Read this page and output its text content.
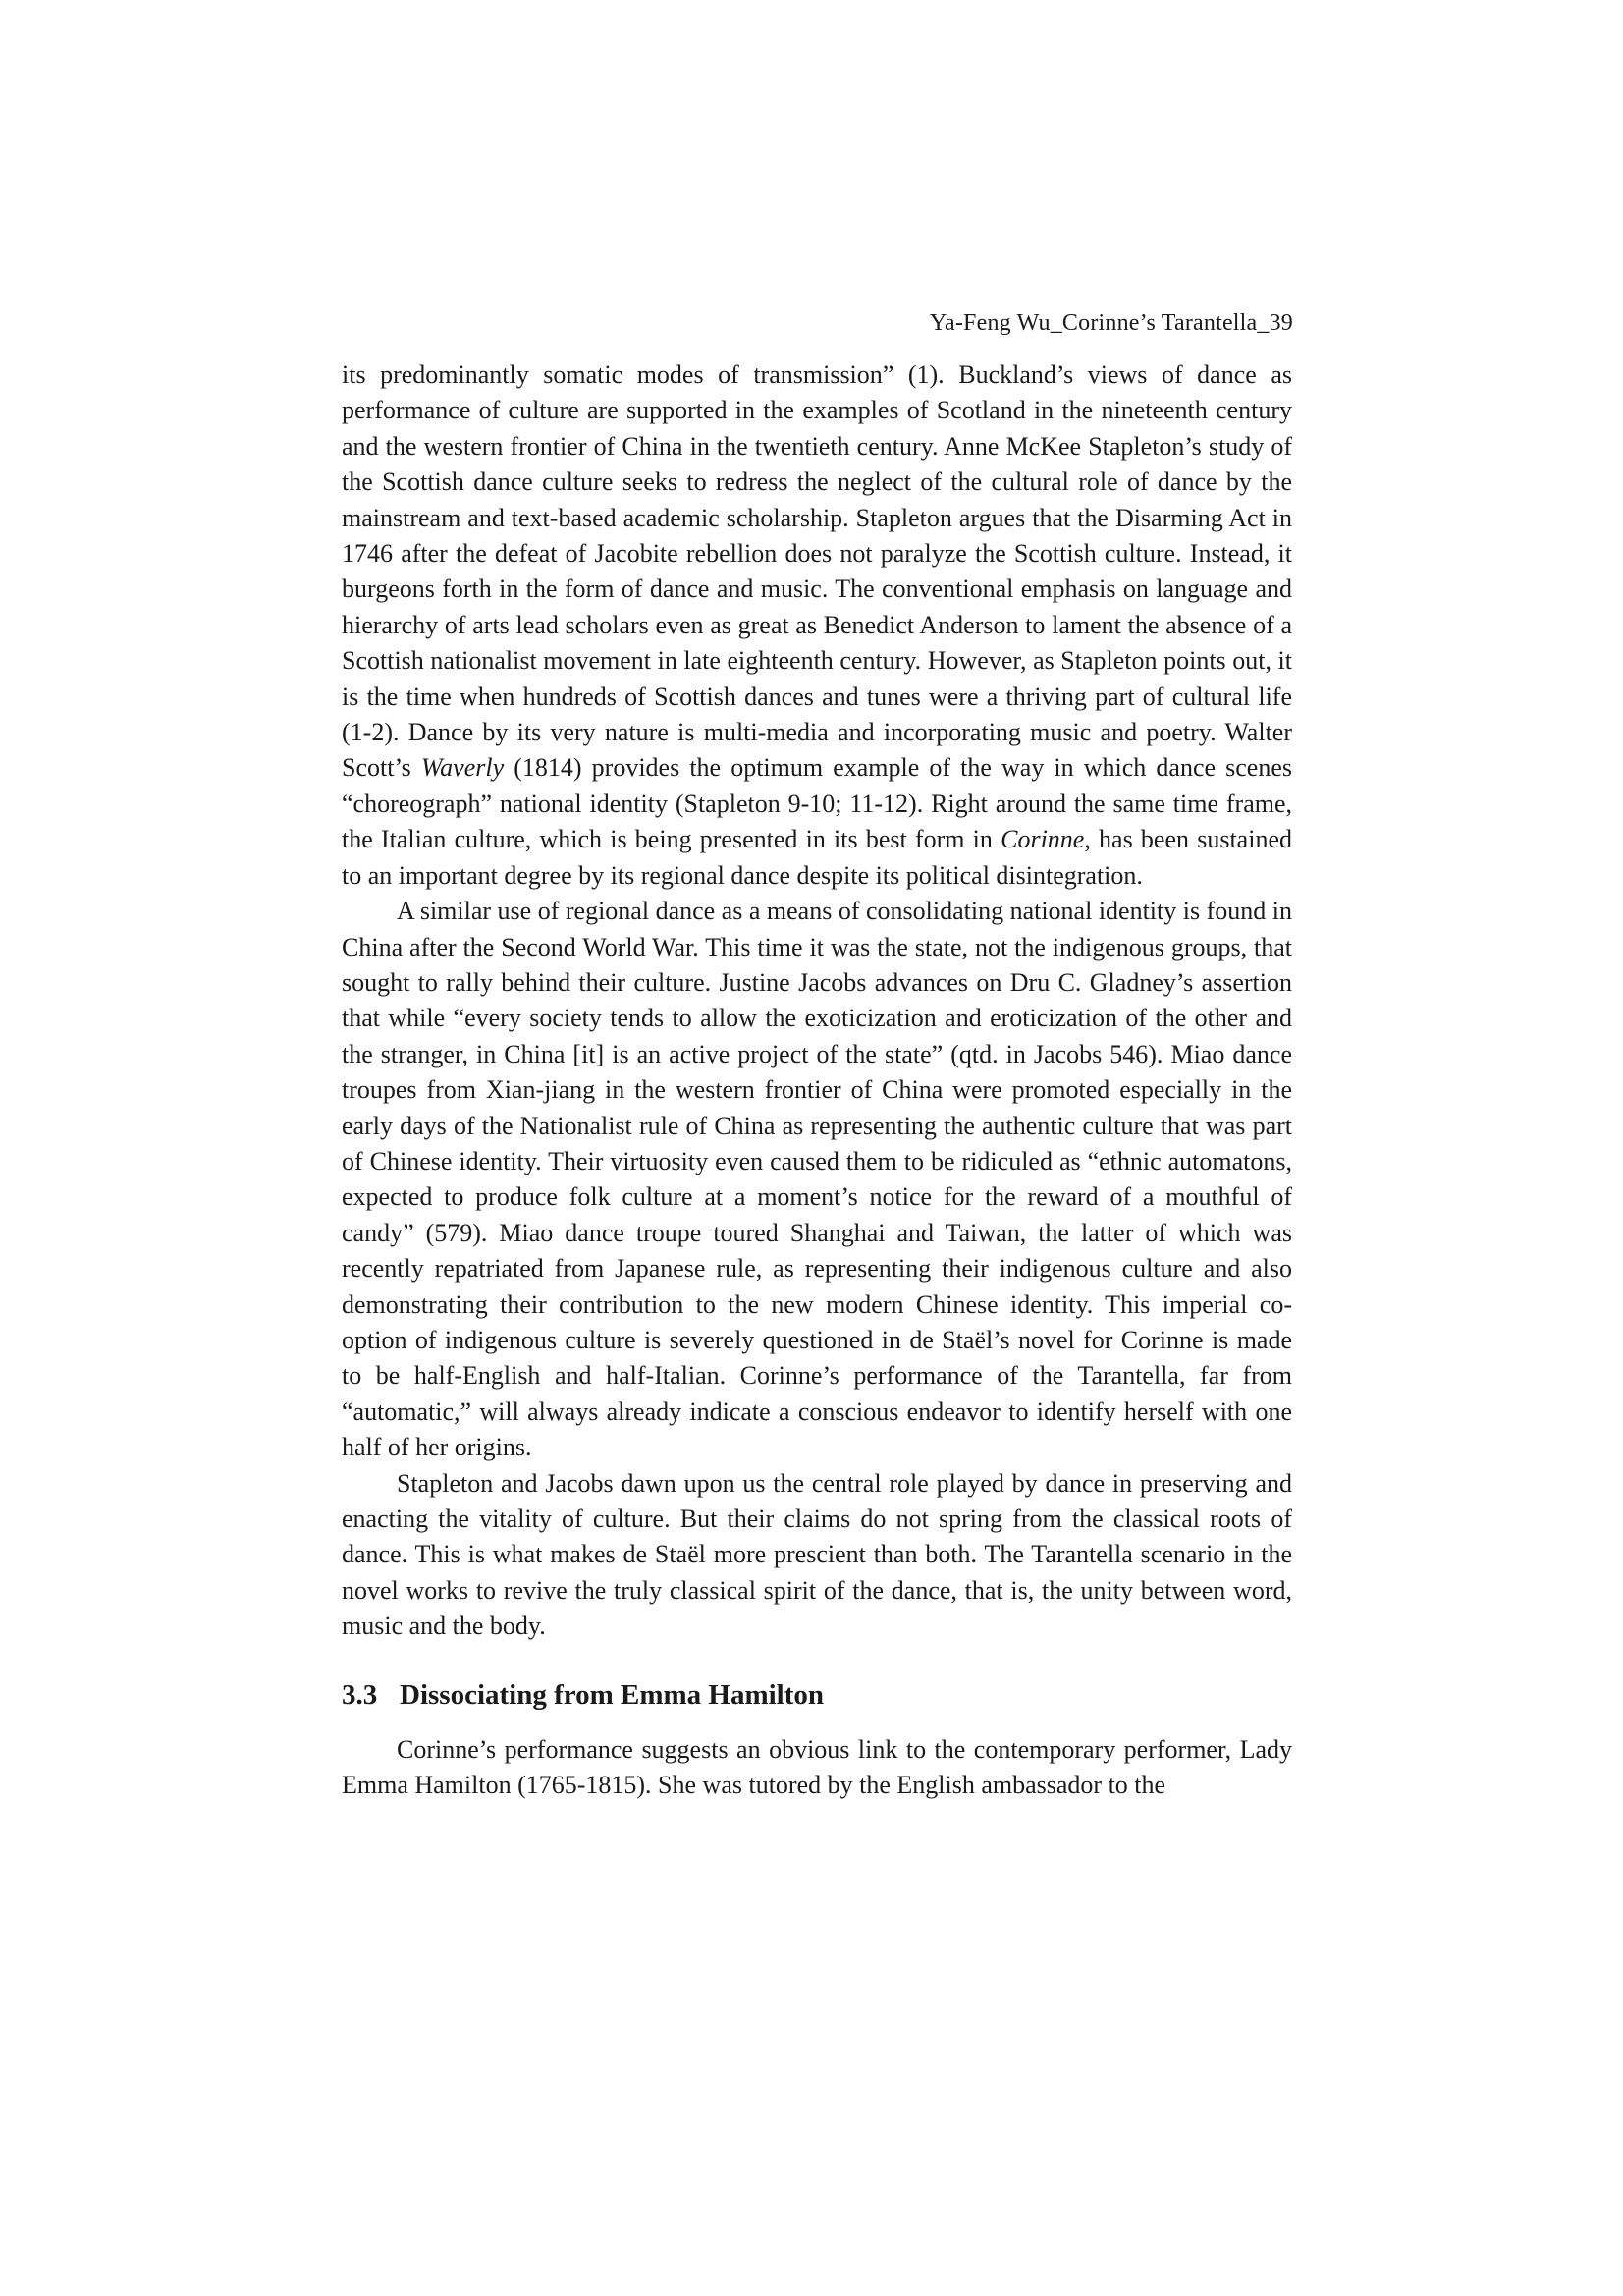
Ya-Feng Wu_Corinne’s Tarantella_39

its predominantly somatic modes of transmission” (1). Buckland’s views of dance as performance of culture are supported in the examples of Scotland in the nineteenth century and the western frontier of China in the twentieth century. Anne McKee Stapleton’s study of the Scottish dance culture seeks to redress the neglect of the cultural role of dance by the mainstream and text-based academic scholarship. Stapleton argues that the Disarming Act in 1746 after the defeat of Jacobite rebellion does not paralyze the Scottish culture. Instead, it burgeons forth in the form of dance and music. The conventional emphasis on language and hierarchy of arts lead scholars even as great as Benedict Anderson to lament the absence of a Scottish nationalist movement in late eighteenth century. However, as Stapleton points out, it is the time when hundreds of Scottish dances and tunes were a thriving part of cultural life (1-2). Dance by its very nature is multi-media and incorporating music and poetry. Walter Scott’s Waverly (1814) provides the optimum example of the way in which dance scenes “choreograph” national identity (Stapleton 9-10; 11-12). Right around the same time frame, the Italian culture, which is being presented in its best form in Corinne, has been sustained to an important degree by its regional dance despite its political disintegration.

A similar use of regional dance as a means of consolidating national identity is found in China after the Second World War. This time it was the state, not the indigenous groups, that sought to rally behind their culture. Justine Jacobs advances on Dru C. Gladney’s assertion that while “every society tends to allow the exoticization and eroticization of the other and the stranger, in China [it] is an active project of the state” (qtd. in Jacobs 546). Miao dance troupes from Xian-jiang in the western frontier of China were promoted especially in the early days of the Nationalist rule of China as representing the authentic culture that was part of Chinese identity. Their virtuosity even caused them to be ridiculed as “ethnic automatons, expected to produce folk culture at a moment’s notice for the reward of a mouthful of candy” (579). Miao dance troupe toured Shanghai and Taiwan, the latter of which was recently repatriated from Japanese rule, as representing their indigenous culture and also demonstrating their contribution to the new modern Chinese identity. This imperial co-option of indigenous culture is severely questioned in de Staël’s novel for Corinne is made to be half-English and half-Italian. Corinne’s performance of the Tarantella, far from “automatic,” will always already indicate a conscious endeavor to identify herself with one half of her origins.

Stapleton and Jacobs dawn upon us the central role played by dance in preserving and enacting the vitality of culture. But their claims do not spring from the classical roots of dance. This is what makes de Staël more prescient than both. The Tarantella scenario in the novel works to revive the truly classical spirit of the dance, that is, the unity between word, music and the body.

3.3 Dissociating from Emma Hamilton

Corinne’s performance suggests an obvious link to the contemporary performer, Lady Emma Hamilton (1765-1815). She was tutored by the English ambassador to the
